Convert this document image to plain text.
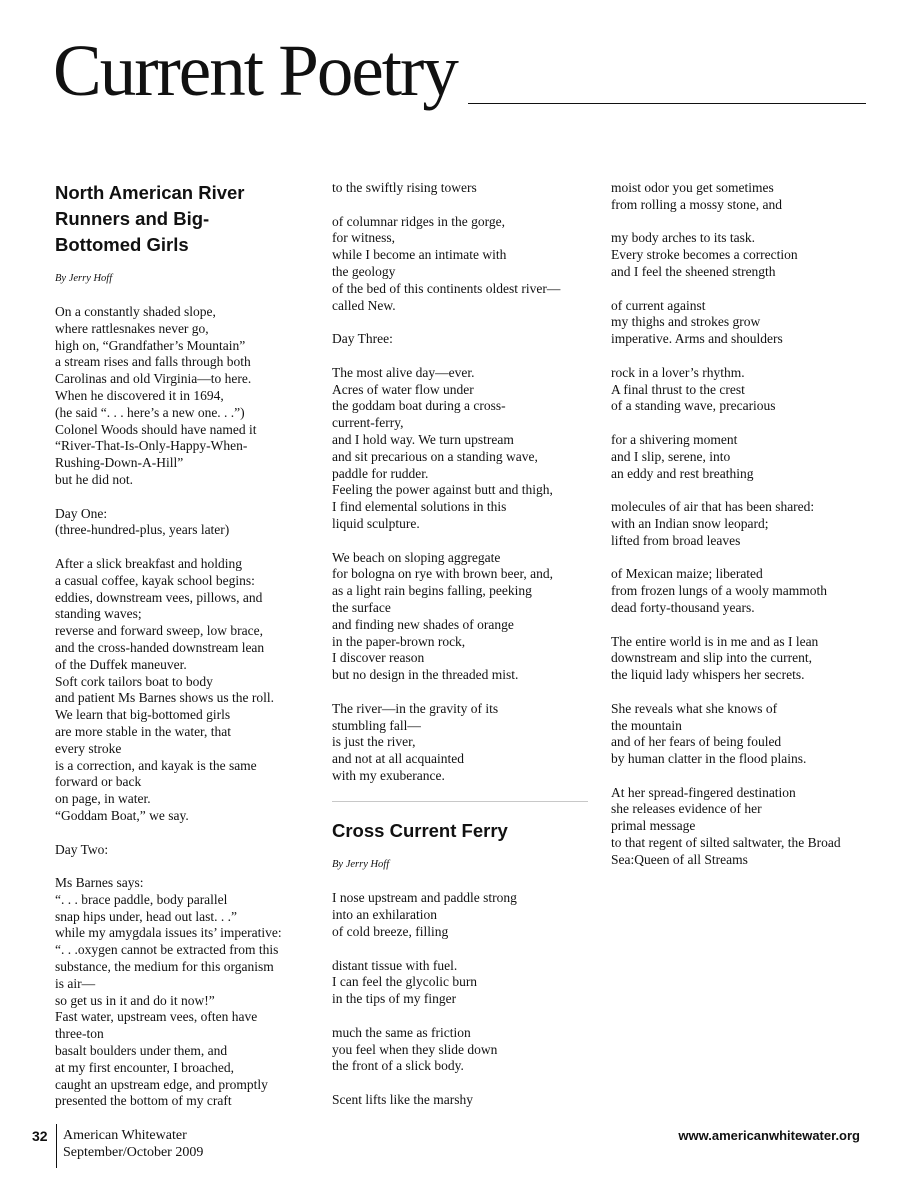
Current Poetry
North American River
Runners and Big-
Bottomed Girls
By Jerry Hoff
On a constantly shaded slope,
where rattlesnakes never go,
high on, “Grandfather’s Mountain”
a stream rises and falls through both
Carolinas and old Virginia—to here.
When he discovered it in 1694,
(he said “. . . here’s a new one. . .”)
Colonel Woods should have named it
“River-That-Is-Only-Happy-When-
Rushing-Down-A-Hill”
but he did not.
Day One:
(three-hundred-plus, years later)
After a slick breakfast and holding
a casual coffee, kayak school begins:
eddies, downstream vees, pillows, and
standing waves;
reverse and forward sweep, low brace,
and the cross-handed downstream lean
of the Duffek maneuver.
Soft cork tailors boat to body
and patient Ms Barnes shows us the roll.
We learn that big-bottomed girls
are more stable in the water, that
every stroke
is a correction, and kayak is the same
forward or back
on page, in water.
“Goddam Boat,” we say.
Day Two:
Ms Barnes says:
“. . . brace paddle, body parallel
snap hips under, head out last. . .”
while my amygdala issues its’ imperative:
“. . .oxygen cannot be extracted from this
substance, the medium for this organism
is air—
so get us in it and do it now!”
Fast water, upstream vees, often have
three-ton
basalt boulders under them, and
at my first encounter, I broached,
caught an upstream edge, and promptly
presented the bottom of my craft
to the swiftly rising towers
of columnar ridges in the gorge,
for witness,
while I become an intimate with
the geology
of the bed of this continents oldest river—
called New.
Day Three:
The most alive day—ever.
Acres of water flow under
the goddam boat during a cross-
current-ferry,
and I hold way. We turn upstream
and sit precarious on a standing wave,
paddle for rudder.
Feeling the power against butt and thigh,
I find elemental solutions in this
liquid sculpture.
We beach on sloping aggregate
for bologna on rye with brown beer, and,
as a light rain begins falling, peeking
the surface
and finding new shades of orange
in the paper-brown rock,
I discover reason
but no design in the threaded mist.
The river—in the gravity of its
stumbling fall—
is just the river,
and not at all acquainted
with my exuberance.
Cross Current Ferry
By Jerry Hoff
I nose upstream and paddle strong
into an exhilaration
of cold breeze, filling
distant tissue with fuel.
I can feel the glycolic burn
in the tips of my finger
much the same as friction
you feel when they slide down
the front of a slick body.
Scent lifts like the marshy
moist odor you get sometimes
from rolling a mossy stone, and
my body arches to its task.
Every stroke becomes a correction
and I feel the sheened strength
of current against
my thighs and strokes grow
imperative. Arms and shoulders
rock in a lover’s rhythm.
A final thrust to the crest
of a standing wave, precarious
for a shivering moment
and I slip, serene, into
an eddy and rest breathing
molecules of air that has been shared:
with an Indian snow leopard;
lifted from broad leaves
of Mexican maize; liberated
from frozen lungs of a wooly mammoth
dead forty-thousand years.
The entire world is in me and as I lean
downstream and slip into the current,
the liquid lady whispers her secrets.
She reveals what she knows of
the mountain
and of her fears of being fouled
by human clatter in the flood plains.
At her spread-fingered destination
she releases evidence of her
primal message
to that regent of silted saltwater, the Broad
Sea:Queen of all Streams
32 American Whitewater
September/October 2009
www.americanwhitewater.org
